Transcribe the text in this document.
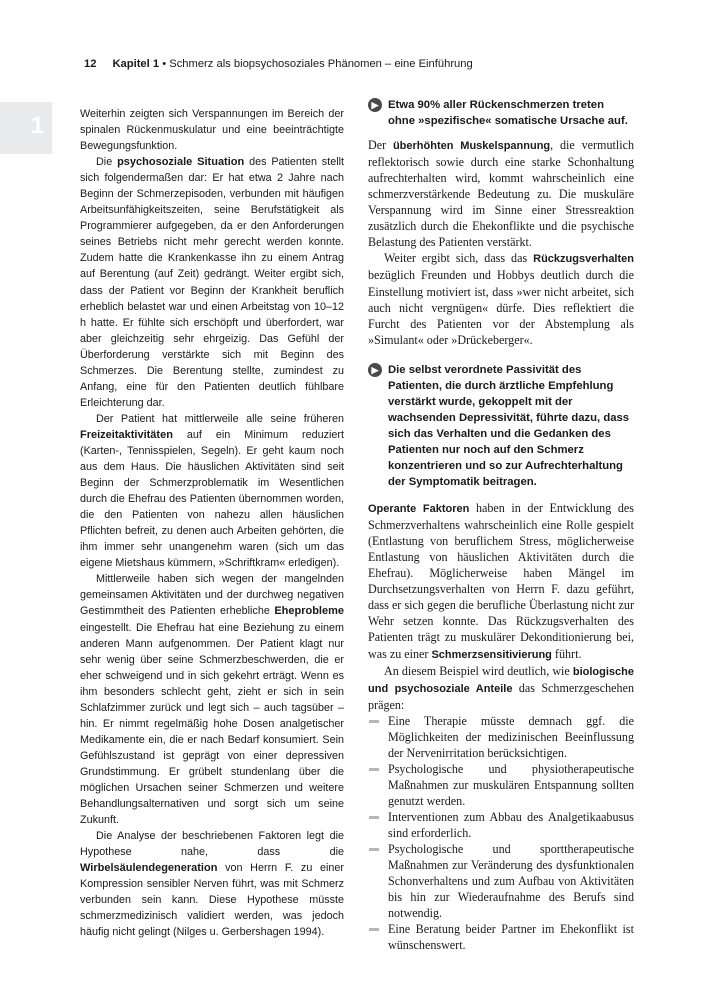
12 Kapitel 1 • Schmerz als biopsychosoziales Phänomen – eine Einführung
1	Weiterhin zeigten sich Verspannungen im Bereich der spinalen Rückenmuskulatur und eine beeinträchtigte Bewegungsfunktion.

Die psychosoziale Situation des Patienten stellt sich folgendermaßen dar: Er hat etwa 2 Jahre nach Beginn der Schmerzepisoden, verbunden mit häufigen Arbeitsunfähigkeitszeiten, seine Berufstätigkeit als Programmierer aufgegeben, da er den Anforderungen seines Betriebs nicht mehr gerecht werden konnte. Zudem hatte die Krankenkasse ihn zu einem Antrag auf Berentung (auf Zeit) gedrängt. Weiter ergibt sich, dass der Patient vor Beginn der Krankheit beruflich erheblich belastet war und einen Arbeitstag von 10–12 h hatte. Er fühlte sich erschöpft und überfordert, war aber gleichzeitig sehr ehrgeizig. Das Gefühl der Überforderung verstärkte sich mit Beginn des Schmerzes. Die Berentung stellte, zumindest zu Anfang, eine für den Patienten deutlich fühlbare Erleichterung dar.

Der Patient hat mittlerweile alle seine früheren Freizeitaktivitäten auf ein Minimum reduziert (Karten-, Tennisspielen, Segeln). Er geht kaum noch aus dem Haus. Die häuslichen Aktivitäten sind seit Beginn der Schmerzproblematik im Wesentlichen durch die Ehefrau des Patienten übernommen worden, die den Patienten von nahezu allen häuslichen Pflichten befreit, zu denen auch Arbeiten gehörten, die ihm immer sehr unangenehm waren (sich um das eigene Mietshaus kümmern, »Schriftkram« erledigen).

Mittlerweile haben sich wegen der mangelnden gemeinsamen Aktivitäten und der durchweg negativen Gestimmtheit des Patienten erhebliche Eheprobleme eingestellt. Die Ehefrau hat eine Beziehung zu einem anderen Mann aufgenommen. Der Patient klagt nur sehr wenig über seine Schmerzbeschwerden, die er eher schweigend und in sich gekehrt erträgt. Wenn es ihm besonders schlecht geht, zieht er sich in sein Schlafzimmer zurück und legt sich – auch tagsüber – hin. Er nimmt regelmäßig hohe Dosen analgetischer Medikamente ein, die er nach Bedarf konsumiert. Sein Gefühlszustand ist geprägt von einer depressiven Grundstimmung. Er grübelt stundenlang über die möglichen Ursachen seiner Schmerzen und weitere Behandlungsalternativen und sorgt sich um seine Zukunft.

Die Analyse der beschriebenen Faktoren legt die Hypothese nahe, dass die Wirbelsäulendegeneration von Herrn F. zu einer Kompression sensibler Nerven führt, was mit Schmerz verbunden sein kann. Diese Hypothese müsste schmerzmedizinisch validiert werden, was jedoch häufig nicht gelingt (Nilges u. Gerbershagen 1994).

▶ Etwa 90% aller Rückenschmerzen treten ohne »spezifische« somatische Ursache auf.

Der überhöhten Muskelspannung, die vermutlich reflektorisch sowie durch eine starke Schonhaltung aufrechterhalten wird, kommt wahrscheinlich eine schmerzverstärkende Bedeutung zu. Die muskuläre Verspannung wird im Sinne einer Stressreaktion zusätzlich durch die Ehekonflikte und die psychische Belastung des Patienten verstärkt.

Weiter ergibt sich, dass das Rückzugsverhalten bezüglich Freunden und Hobbys deutlich durch die Einstellung motiviert ist, dass »wer nicht arbeitet, sich auch nicht vergnügen« dürfe. Dies reflektiert die Furcht des Patienten vor der Abstemplung als »Simulant« oder »Drückeberger«.

▶ Die selbst verordnete Passivität des Patienten, die durch ärztliche Empfehlung verstärkt wurde, gekoppelt mit der wachsenden Depressivität, führte dazu, dass sich das Verhalten und die Gedanken des Patienten nur noch auf den Schmerz konzentrieren und so zur Aufrechterhaltung der Symptomatik beitragen.

Operante Faktoren haben in der Entwicklung des Schmerzverhaltens wahrscheinlich eine Rolle gespielt (Entlastung von beruflichem Stress, möglicherweise Entlastung von häuslichen Aktivitäten durch die Ehefrau). Möglicherweise haben Mängel im Durchsetzungsverhalten von Herrn F. dazu geführt, dass er sich gegen die berufliche Überlastung nicht zur Wehr setzen konnte. Das Rückzugsverhalten des Patienten trägt zu muskulärer Dekonditionierung bei, was zu einer Schmerzsensitivierung führt.

An diesem Beispiel wird deutlich, wie biologische und psychosoziale Anteile das Schmerzgeschehen prägen:

Eine Therapie müsste demnach ggf. die Möglichkeiten der medizinischen Beeinflussung der Nervenirritation berücksichtigen.
Psychologische und physiotherapeutische Maßnahmen zur muskulären Entspannung sollten genutzt werden.
Interventionen zum Abbau des Analgetikaabusus sind erforderlich.
Psychologische und sporttherapeutische Maßnahmen zur Veränderung des dysfunktionalen Schonverhaltens und zum Aufbau von Aktivitäten bis hin zur Wiederaufnahme des Berufs sind notwendig.
Eine Beratung beider Partner im Ehekonflikt ist wünschenswert.
